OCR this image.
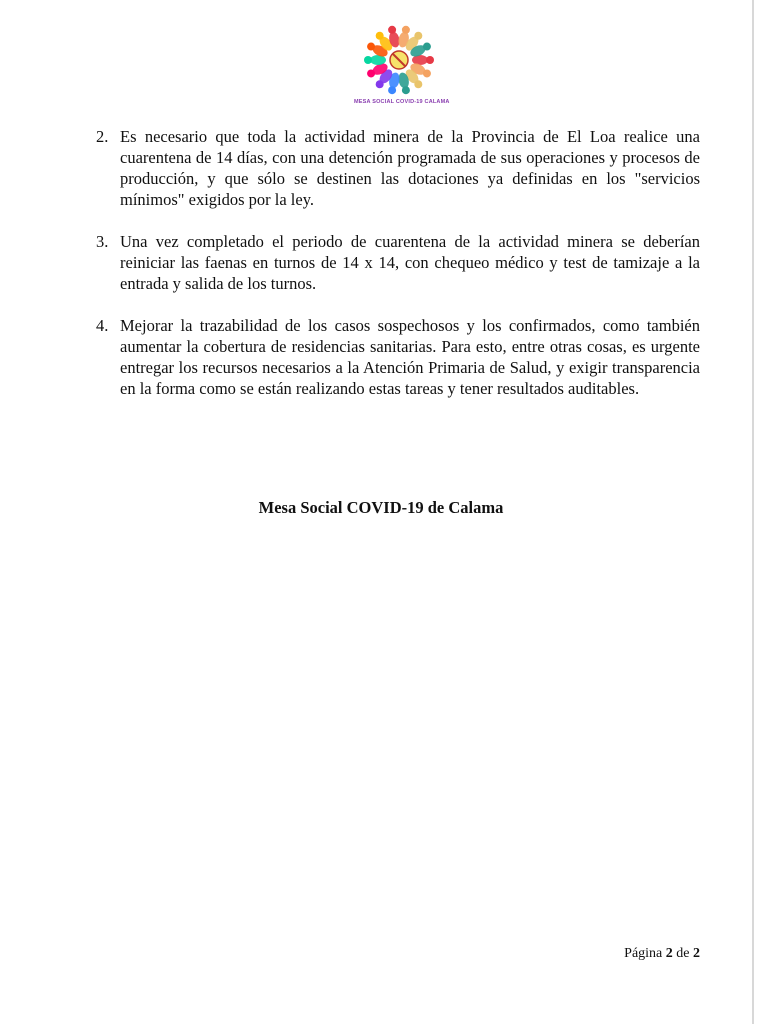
MESA SOCIAL COVID-19 CALAMA
2. Es necesario que toda la actividad minera de la Provincia de El Loa realice una cuarentena de 14 días, con una detención programada de sus operaciones y procesos de producción, y que sólo se destinen las dotaciones ya definidas en los "servicios mínimos" exigidos por la ley.
3. Una vez completado el periodo de cuarentena de la actividad minera se deberían reiniciar las faenas en turnos de 14 x 14, con chequeo médico y test de tamizaje a la entrada y salida de los turnos.
4. Mejorar la trazabilidad de los casos sospechosos y los confirmados, como también aumentar la cobertura de residencias sanitarias. Para esto, entre otras cosas, es urgente entregar los recursos necesarios a la Atención Primaria de Salud, y exigir transparencia en la forma como se están realizando estas tareas y tener resultados auditables.
Mesa Social COVID-19 de Calama
Página 2 de 2
